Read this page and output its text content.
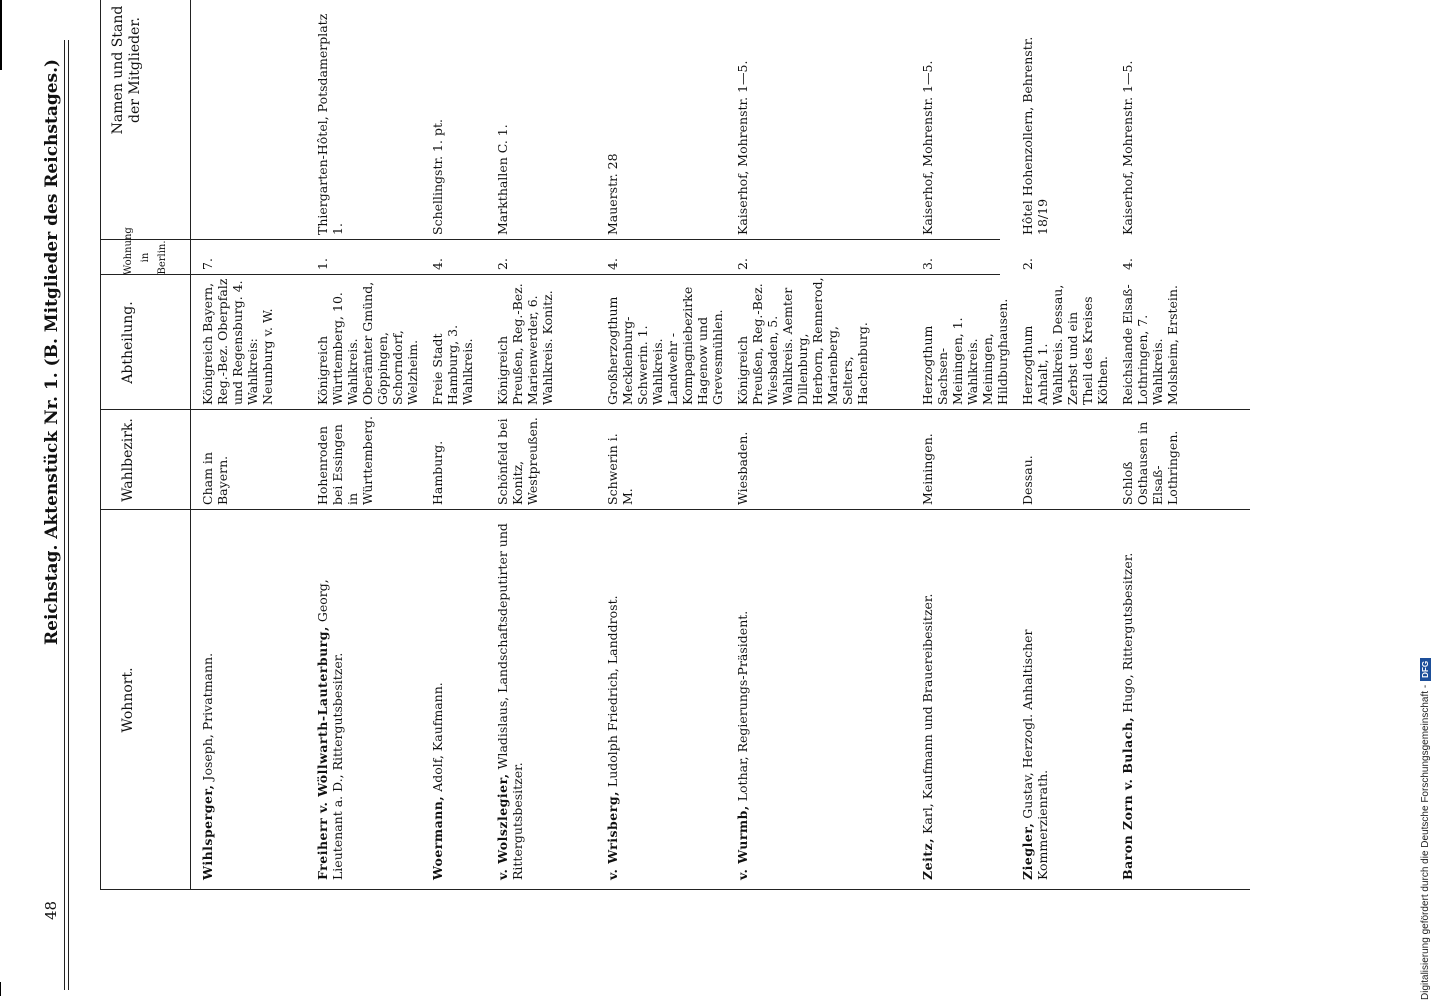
48
Reichstag. Aktenstück Nr. 1. (B. Mitglieder des Reichstages.)
Wohnort.
Wahlbezirk.
Abtheilung.
Wohnung in Berlin.
Namen und Stand der Mitglieder.
Wihlsperger, Joseph, Privatmann.
Cham in Bayern.
Königreich Bayern, Reg.-Bez. Oberpfalz und Regensburg. 4. Wahlkreis: Neunburg v. W.
7.
Freiherr v. Wöllwarth-Lauterburg, Georg, Lieutenant a. D., Rittergutsbesitzer.
Hohenroden bei Essingen in Württemberg.
Königreich Württemberg, 10. Wahlkreis. Oberämter Gmünd, Göppingen, Schorndorf, Welzheim.
1.
Thiergarten-Hôtel, Potsdamerplatz 1.
Woermann, Adolf, Kaufmann.
Hamburg.
Freie Stadt Hamburg, 3. Wahlkreis.
4.
Schellingstr. 1. pt.
v. Wolszlegier, Wladislaus, Landschaftsdeputirter und Rittergutsbesitzer.
Schönfeld bei Konitz, Westpreußen.
Königreich Preußen, Reg.-Bez. Marienwerder, 6. Wahlkreis. Konitz.
2.
Markthallen C. 1.
v. Wrisberg, Ludolph Friedrich, Landdrost.
Schwerin i. M.
Großherzogthum Mecklenburg-Schwerin. 1. Wahlkreis. Landwehr - Kompagniebezirke Hagenow und Grevesmühlen.
4.
Mauerstr. 28
v. Wurmb, Lothar, Regierungs-Präsident.
Wiesbaden.
Königreich Preußen, Reg.-Bez. Wiesbaden, 5. Wahlkreis. Aemter Dillenburg, Herborn, Rennerod, Marienberg, Selters, Hachenburg.
2.
Kaiserhof, Mohrenstr. 1—5.
Zeitz, Karl, Kaufmann und Brauereibesitzer.
Meiningen.
Herzogthum Sachsen-Meiningen, 1. Wahlkreis. Meiningen, Hildburghausen.
3.
Kaiserhof, Mohrenstr. 1—5.
Ziegler, Gustav, Herzogl. Anhaltischer Kommerzienrath.
Dessau.
Herzogthum Anhalt, 1. Wahlkreis. Dessau, Zerbst und ein Theil des Kreises Köthen.
2.
Hôtel Hohenzollern, Behrenstr. 18/19
Baron Zorn v. Bulach, Hugo, Rittergutsbesitzer.
Schloß Osthausen in Elsaß-Lothringen.
Reichslande Elsaß-Lothringen, 7. Wahlkreis. Molsheim, Erstein.
4.
Kaiserhof, Mohrenstr. 1—5.
Digitalisierung gefördert durch die Deutsche Forschungsgemeinschaft -DFG
